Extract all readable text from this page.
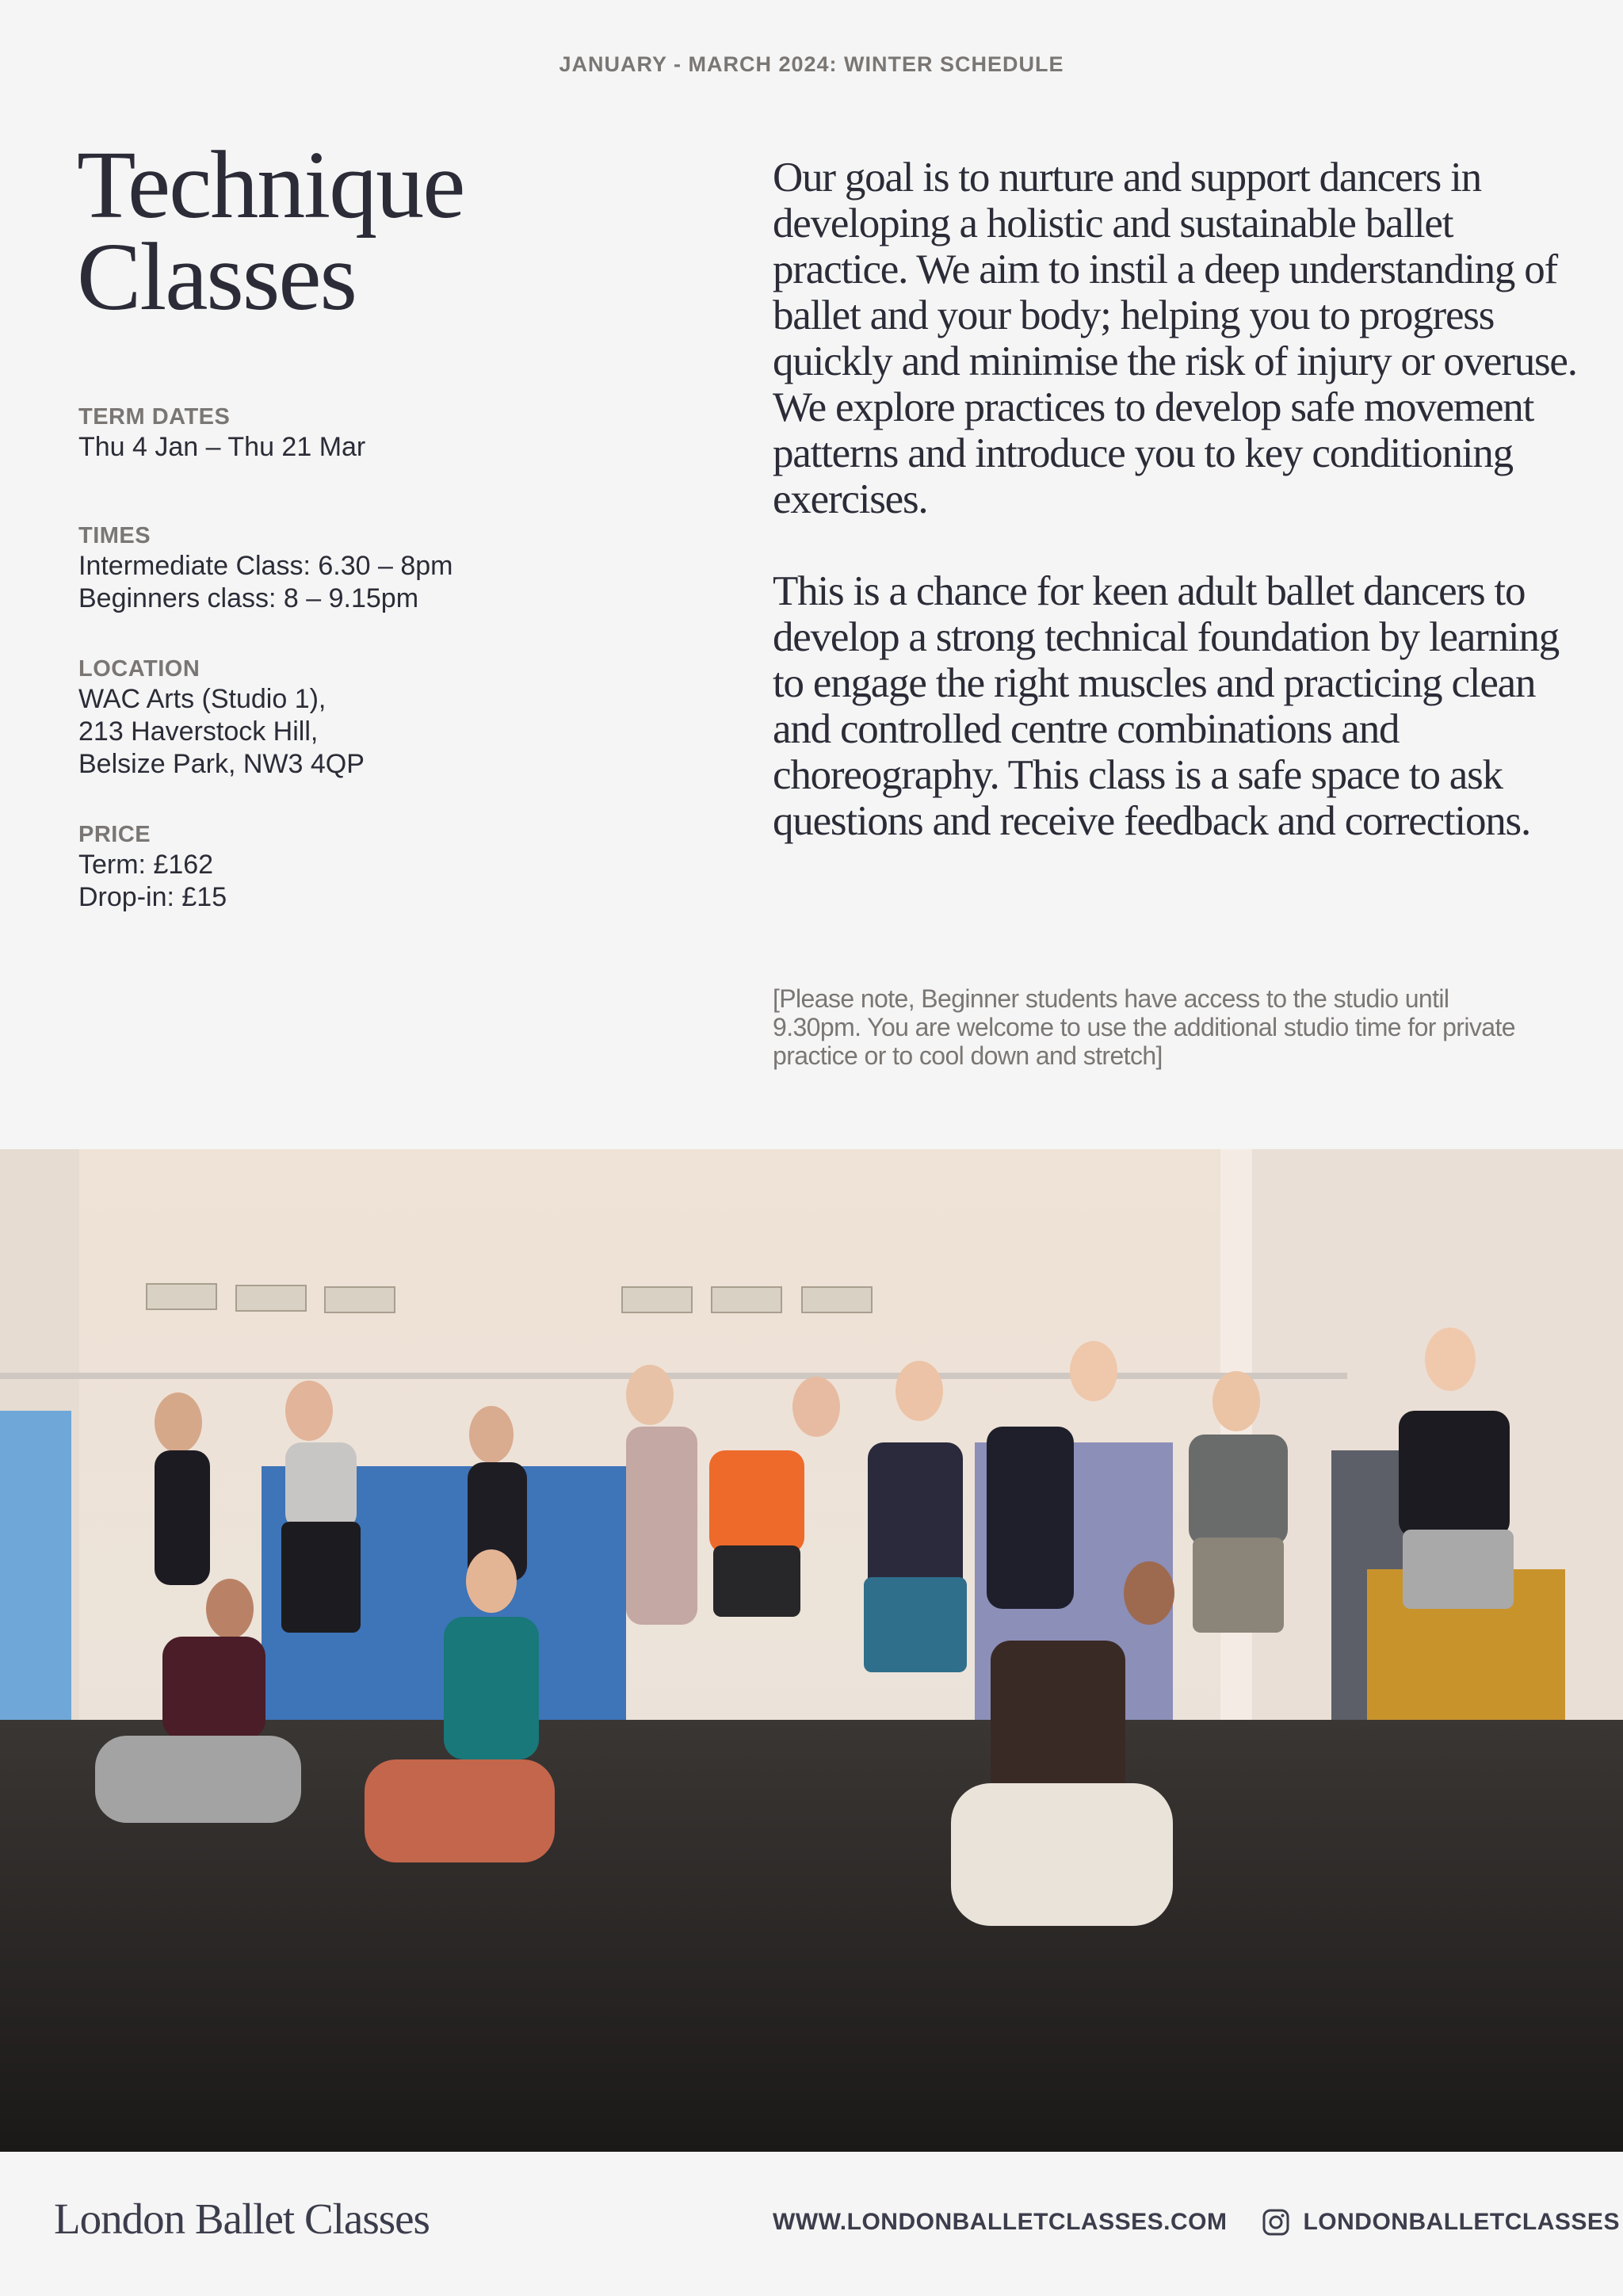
JANUARY - MARCH 2024: WINTER SCHEDULE
Technique
Classes
TERM DATES
Thu 4 Jan – Thu 21 Mar
TIMES
Intermediate Class: 6.30 – 8pm
Beginners class: 8 – 9.15pm
LOCATION
WAC Arts (Studio 1),
213 Haverstock Hill,
Belsize Park, NW3 4QP
PRICE
Term: £162
Drop-in: £15

Our goal is to nurture and support dancers in developing a holistic and sustainable ballet practice. We aim to instil a deep understanding of ballet and your body; helping you to progress quickly and minimise the risk of injury or overuse. We explore practices to develop safe movement patterns and introduce you to key conditioning exercises.

This is a chance for keen adult ballet dancers to develop a strong technical foundation by learning to engage the right muscles and practicing clean and controlled centre combinations and choreography. This class is a safe space to ask questions and receive feedback and corrections.

[Please note, Beginner students have access to the studio until 9.30pm. You are welcome to use the additional studio time for private practice or to cool down and stretch]

London Ballet Classes	WWW.LONDONBALLETCLASSES.COM	LONDONBALLETCLASSES
